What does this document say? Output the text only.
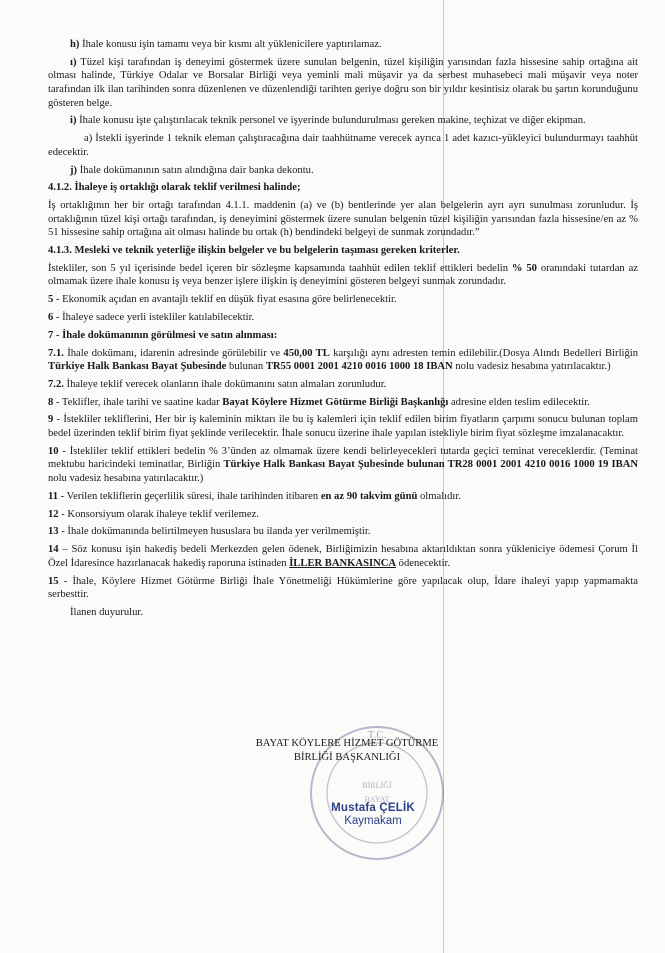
h) İhale konusu işin tamamı veya bir kısmı alt yüklenicilere yaptırılamaz.

ı) Tüzel kişi tarafından iş deneyimi göstermek üzere sunulan belgenin, tüzel kişiliğin yarısından fazla hissesine sahip ortağına ait olması halinde, Türkiye Odalar ve Borsalar Birliği veya yeminli mali müşavir ya da serbest muhasebeci mali müşavir veya noter tarafından ilk ilan tarihinden sonra düzenlenen ve düzenlendiği tarihten geriye doğru son bir yıldır kesintisiz olarak bu şartın korunduğunu gösteren belge.

i) İhale konusu işte çalıştırılacak teknik personel ve işyerinde bulundurulması gereken makine, teçhizat ve diğer ekipman.

a) İstekli işyerinde 1 teknik eleman çalıştıracağına dair taahhütname verecek ayrıca 1 adet kazıcı-yükleyici bulundurmayı taahhüt edecektir.

j) İhale dokümanının satın alındığına dair banka dekontu.

4.1.2. İhaleye iş ortaklığı olarak teklif verilmesi halinde;

İş ortaklığının her bir ortağı tarafından 4.1.1. maddenin (a) ve (b) bentlerinde yer alan belgelerin ayrı ayrı sunulması zorunludur. İş ortaklığının tüzel kişi ortağı tarafından, iş deneyimini göstermek üzere sunulan belgenin tüzel kişiliğin yarısından fazla hissesine/en az % 51 hissesine sahip ortağına ait olması halinde bu ortak (h) bendindeki belgeyi de sunmak zorundadır.”

4.1.3. Mesleki ve teknik yeterliğe ilişkin belgeler ve bu belgelerin taşıması gereken kriterler.

İstekliler, son 5 yıl içerisinde bedel içeren bir sözleşme kapsamında taahhüt edilen teklif ettikleri bedelin % 50 oranındaki tutardan az olmamak üzere ihale konusu iş veya benzer işlere ilişkin iş deneyimini gösteren belgeyi sunmak zorundadır.

5 - Ekonomik açıdan en avantajlı teklif en düşük fiyat esasına göre belirlenecektir.

6 - İhaleye sadece yerli istekliler katılabilecektir.

7 - İhale dokümanının görülmesi ve satın alınması:

7.1. İhale dokümanı, idarenin adresinde görülebilir ve 450,00 TL karşılığı aynı adresten temin edilebilir.(Dosya Alındı Bedelleri Birliğin Türkiye Halk Bankası Bayat Şubesinde bulunan TR55 0001 2001 4210 0016 1000 18 IBAN nolu vadesiz hesabına yatırılacaktır.)

7.2. İhaleye teklif verecek olanların ihale dokümanını satın almaları zorunludur.

8 - Teklifler, ihale tarihi ve saatine kadar Bayat Köylere Hizmet Götürme Birliği Başkanlığı adresine elden teslim edilecektir.

9 - İstekliler tekliflerini, Her bir iş kaleminin miktarı ile bu iş kalemleri için teklif edilen birim fiyatların çarpımı sonucu bulunan toplam bedel üzerinden teklif birim fiyat şeklinde verilecektir. İhale sonucu üzerine ihale yapılan istekliyle birim fiyat sözleşme imzalanacaktır.

10 - İstekliler teklif ettikleri bedelin % 3’ünden az olmamak üzere kendi belirleyecekleri tutarda geçici teminat vereceklerdir. (Teminat mektubu haricindeki teminatlar, Birliğin Türkiye Halk Bankası Bayat Şubesinde bulunan TR28 0001 2001 4210 0016 1000 19 IBAN nolu vadesiz hesabına yatırılacaktır.)

11 - Verilen tekliflerin geçerlilik süresi, ihale tarihinden itibaren en az 90 takvim günü olmalıdır.

12 - Konsorsiyum olarak ihaleye teklif verilemez.

13 - İhale dokümanında belirtilmeyen hususlara bu ilanda yer verilmemiştir.

14 – Söz konusu işin hakediş bedeli Merkezden gelen ödenek, Birliğimizin hesabına aktarıldıktan sonra yükleniciye ödemesi Çorum İl Özel İdaresince hazırlanacak hakediş raporuna istinaden İLLER BANKASINCA ödenecektir.

15 - İhale, Köylere Hizmet Götürme Birliği İhale Yönetmeliği Hükümlerine göre yapılacak olup, İdare ihaleyi yapıp yapmamakta serbesttir.

İlanen duyurulur.

T.C.
BİRLİĞİ
BAYAT
BAYAT KÖYLERE HİZMET GÖTÜRME
BİRLİĞİ BAŞKANLIĞI
Mustafa ÇELİK
Kaymakam
